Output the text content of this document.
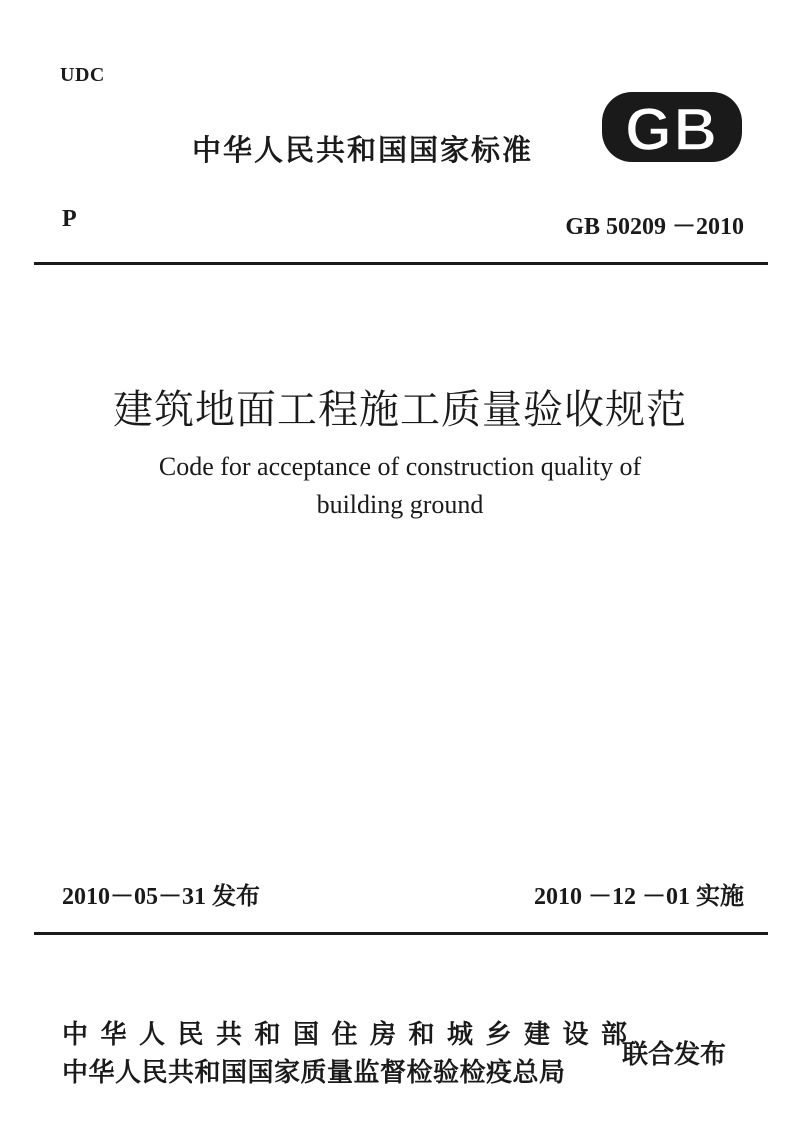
UDC
中华人民共和国国家标准 GB
P	GB 50209 －2010
建筑地面工程施工质量验收规范
Code for acceptance of construction quality of
building ground
2010－05－31 发布	2010 －12 －01 实施
中华人民共和国住房和城乡建设部
中华人民共和国国家质量监督检验检疫总局
联合发布
